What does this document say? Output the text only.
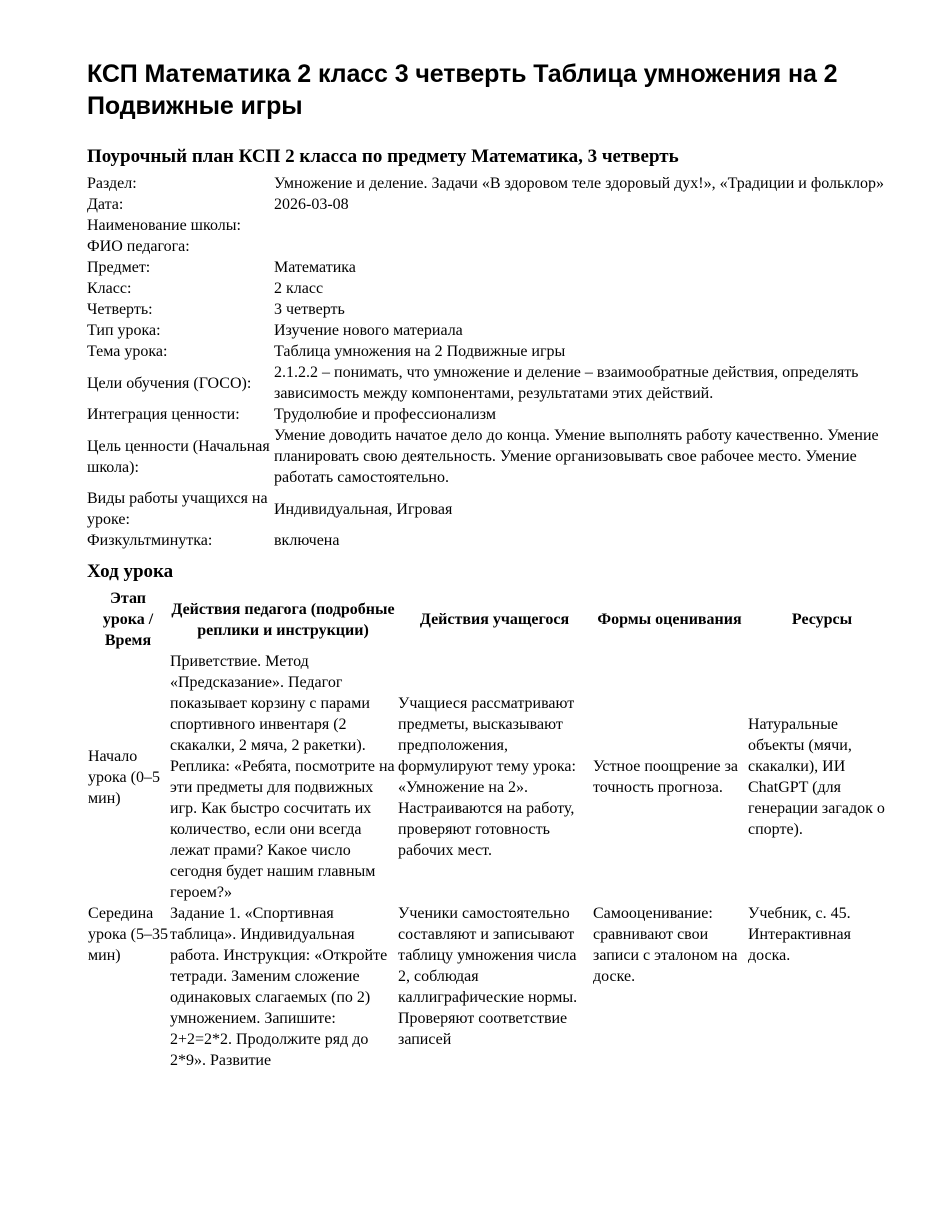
КСП Математика 2 класс 3 четверть Таблица умножения на 2 Подвижные игры
Поурочный план КСП 2 класса по предмету Математика, 3 четверть
Раздел:	Умножение и деление. Задачи «В здоровом теле здоровый дух!», «Традиции и фольклор»
Дата:	2026-03-08
Наименование школы:
ФИО педагога:
Предмет:	Математика
Класс:	2 класс
Четверть:	3 четверть
Тип урока:	Изучение нового материала
Тема урока:	Таблица умножения на 2 Подвижные игры
Цели обучения (ГОСО):
2.1.2.2 – понимать, что умножение и деление – взаимообратные действия, определять зависимость между компонентами, результатами этих действий.
Интеграция ценности:	Трудолюбие и профессионализм
Цель ценности (Начальная школа):
Умение доводить начатое дело до конца. Умение выполнять работу качественно. Умение планировать свою деятельность. Умение организовывать свое рабочее место. Умение работать самостоятельно.
Виды работы учащихся на уроке:
Индивидуальная, Игровая
Физкультминутка:	включена
Ход урока
Этап урока / Время	Действия педагога (подробные реплики и инструкции)	Действия учащегося	Формы оценивания	Ресурсы
Начало урока (0–5 мин)	Приветствие. Метод «Предсказание». Педагог показывает корзину с парами спортивного инвентаря (2 скакалки, 2 мяча, 2 ракетки). Реплика: «Ребята, посмотрите на эти предметы для подвижных игр. Как быстро сосчитать их количество, если они всегда лежат прами? Какое число сегодня будет нашим главным героем?»	Учащиеся рассматривают предметы, высказывают предположения, формулируют тему урока: «Умножение на 2». Настраиваются на работу, проверяют готовность рабочих мест.	Устное поощрение за точность прогноза.	Натуральные объекты (мячи, скакалки), ИИ ChatGPT (для генерации загадок о спорте).
Середина урока (5–35 мин)	Задание 1. «Спортивная таблица». Индивидуальная работа. Инструкция: «Откройте тетради. Заменим сложение одинаковых слагаемых (по 2) умножением. Запишите: 2+2=2*2. Продолжите ряд до 2*9». Развитие	Ученики самостоятельно составляют и записывают таблицу умножения числа 2, соблюдая каллиграфические нормы. Проверяют соответствие записей	Самооценивание: сравнивают свои записи с эталоном на доске.	Учебник, с. 45. Интерактивная доска.
